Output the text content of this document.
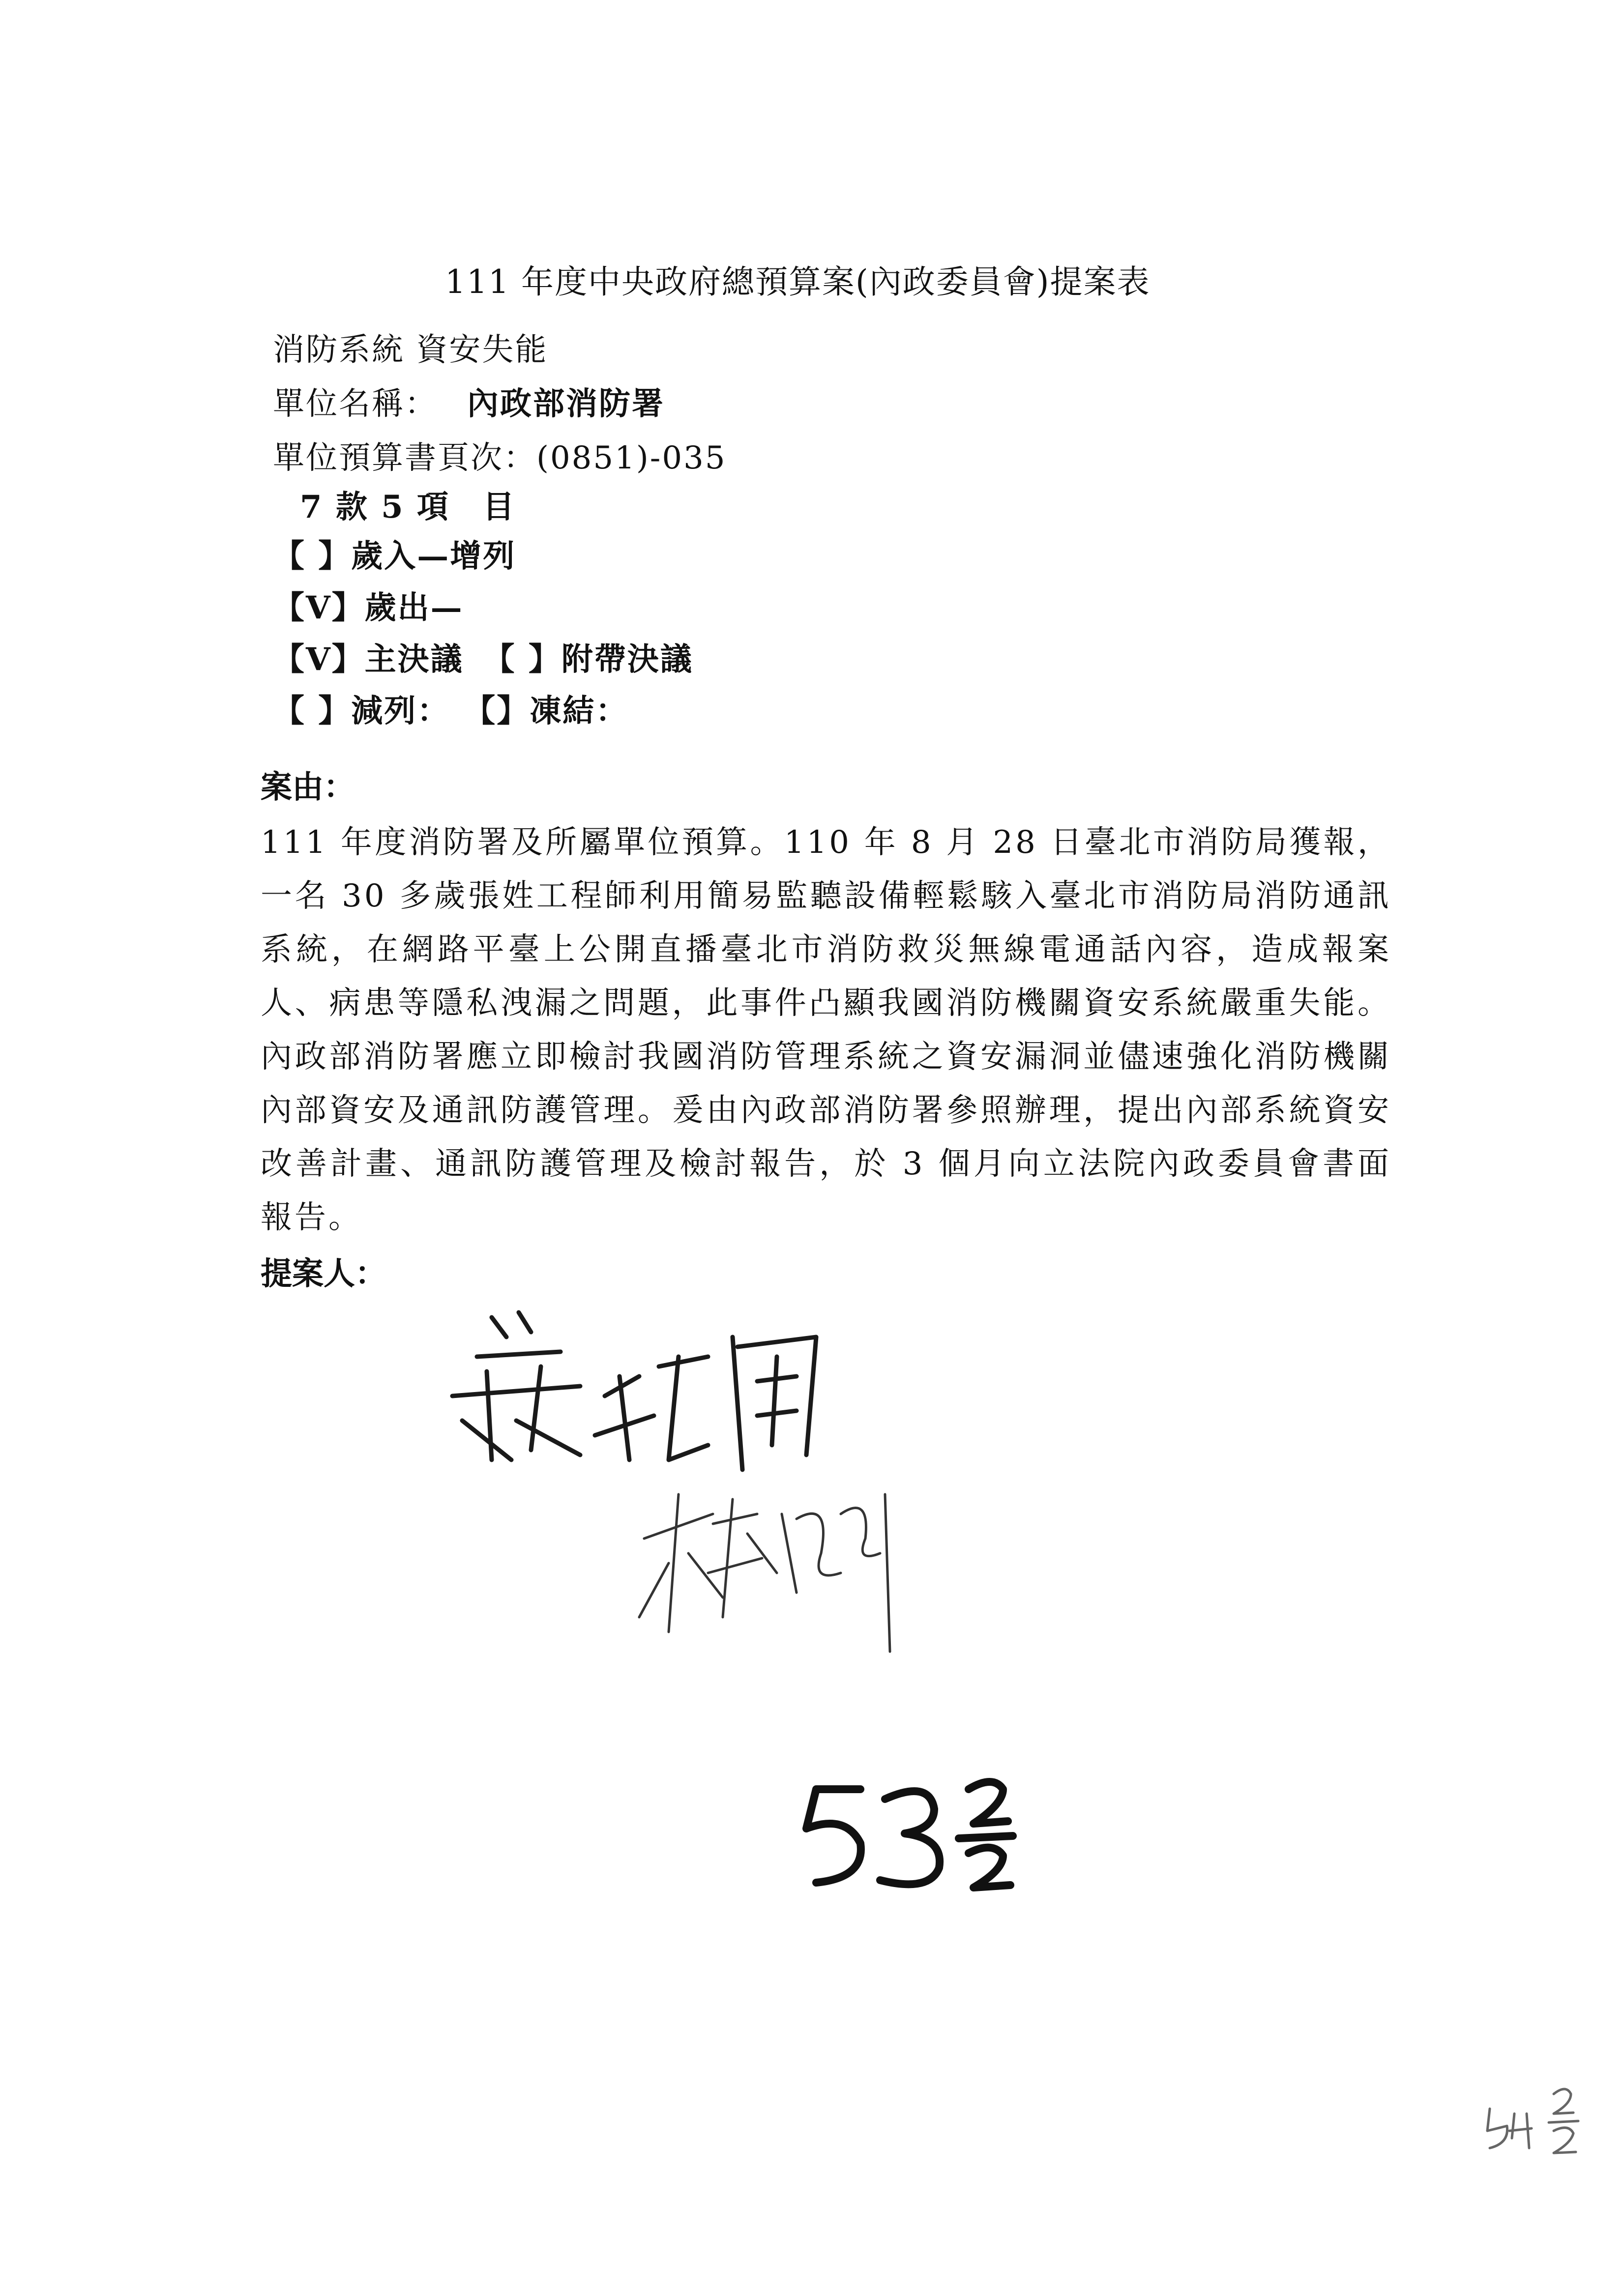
111 年度中央政府總預算案(內政委員會)提案表
消防系統 資安失能
單位名稱： 內政部消防署
單位預算書頁次：(0851)-035
7 款 5 項　目
【 】歲入—增列
【V】歲出—
【V】主決議 【 】附帶決議
【 】減列： 【】凍結：
案由：
111 年度消防署及所屬單位預算。110 年 8 月 28 日臺北市消防局獲報，一名 30 多歲張姓工程師利用簡易監聽設備輕鬆駭入臺北市消防局消防通訊系統，在網路平臺上公開直播臺北市消防救災無線電通話內容，造成報案人、病患等隱私洩漏之問題，此事件凸顯我國消防機關資安系統嚴重失能。內政部消防署應立即檢討我國消防管理系統之資安漏洞並儘速強化消防機關內部資安及通訊防護管理。爰由內政部消防署參照辦理，提出內部系統資安改善計畫、通訊防護管理及檢討報告，於 3 個月向立法院內政委員會書面報告。
提案人：
